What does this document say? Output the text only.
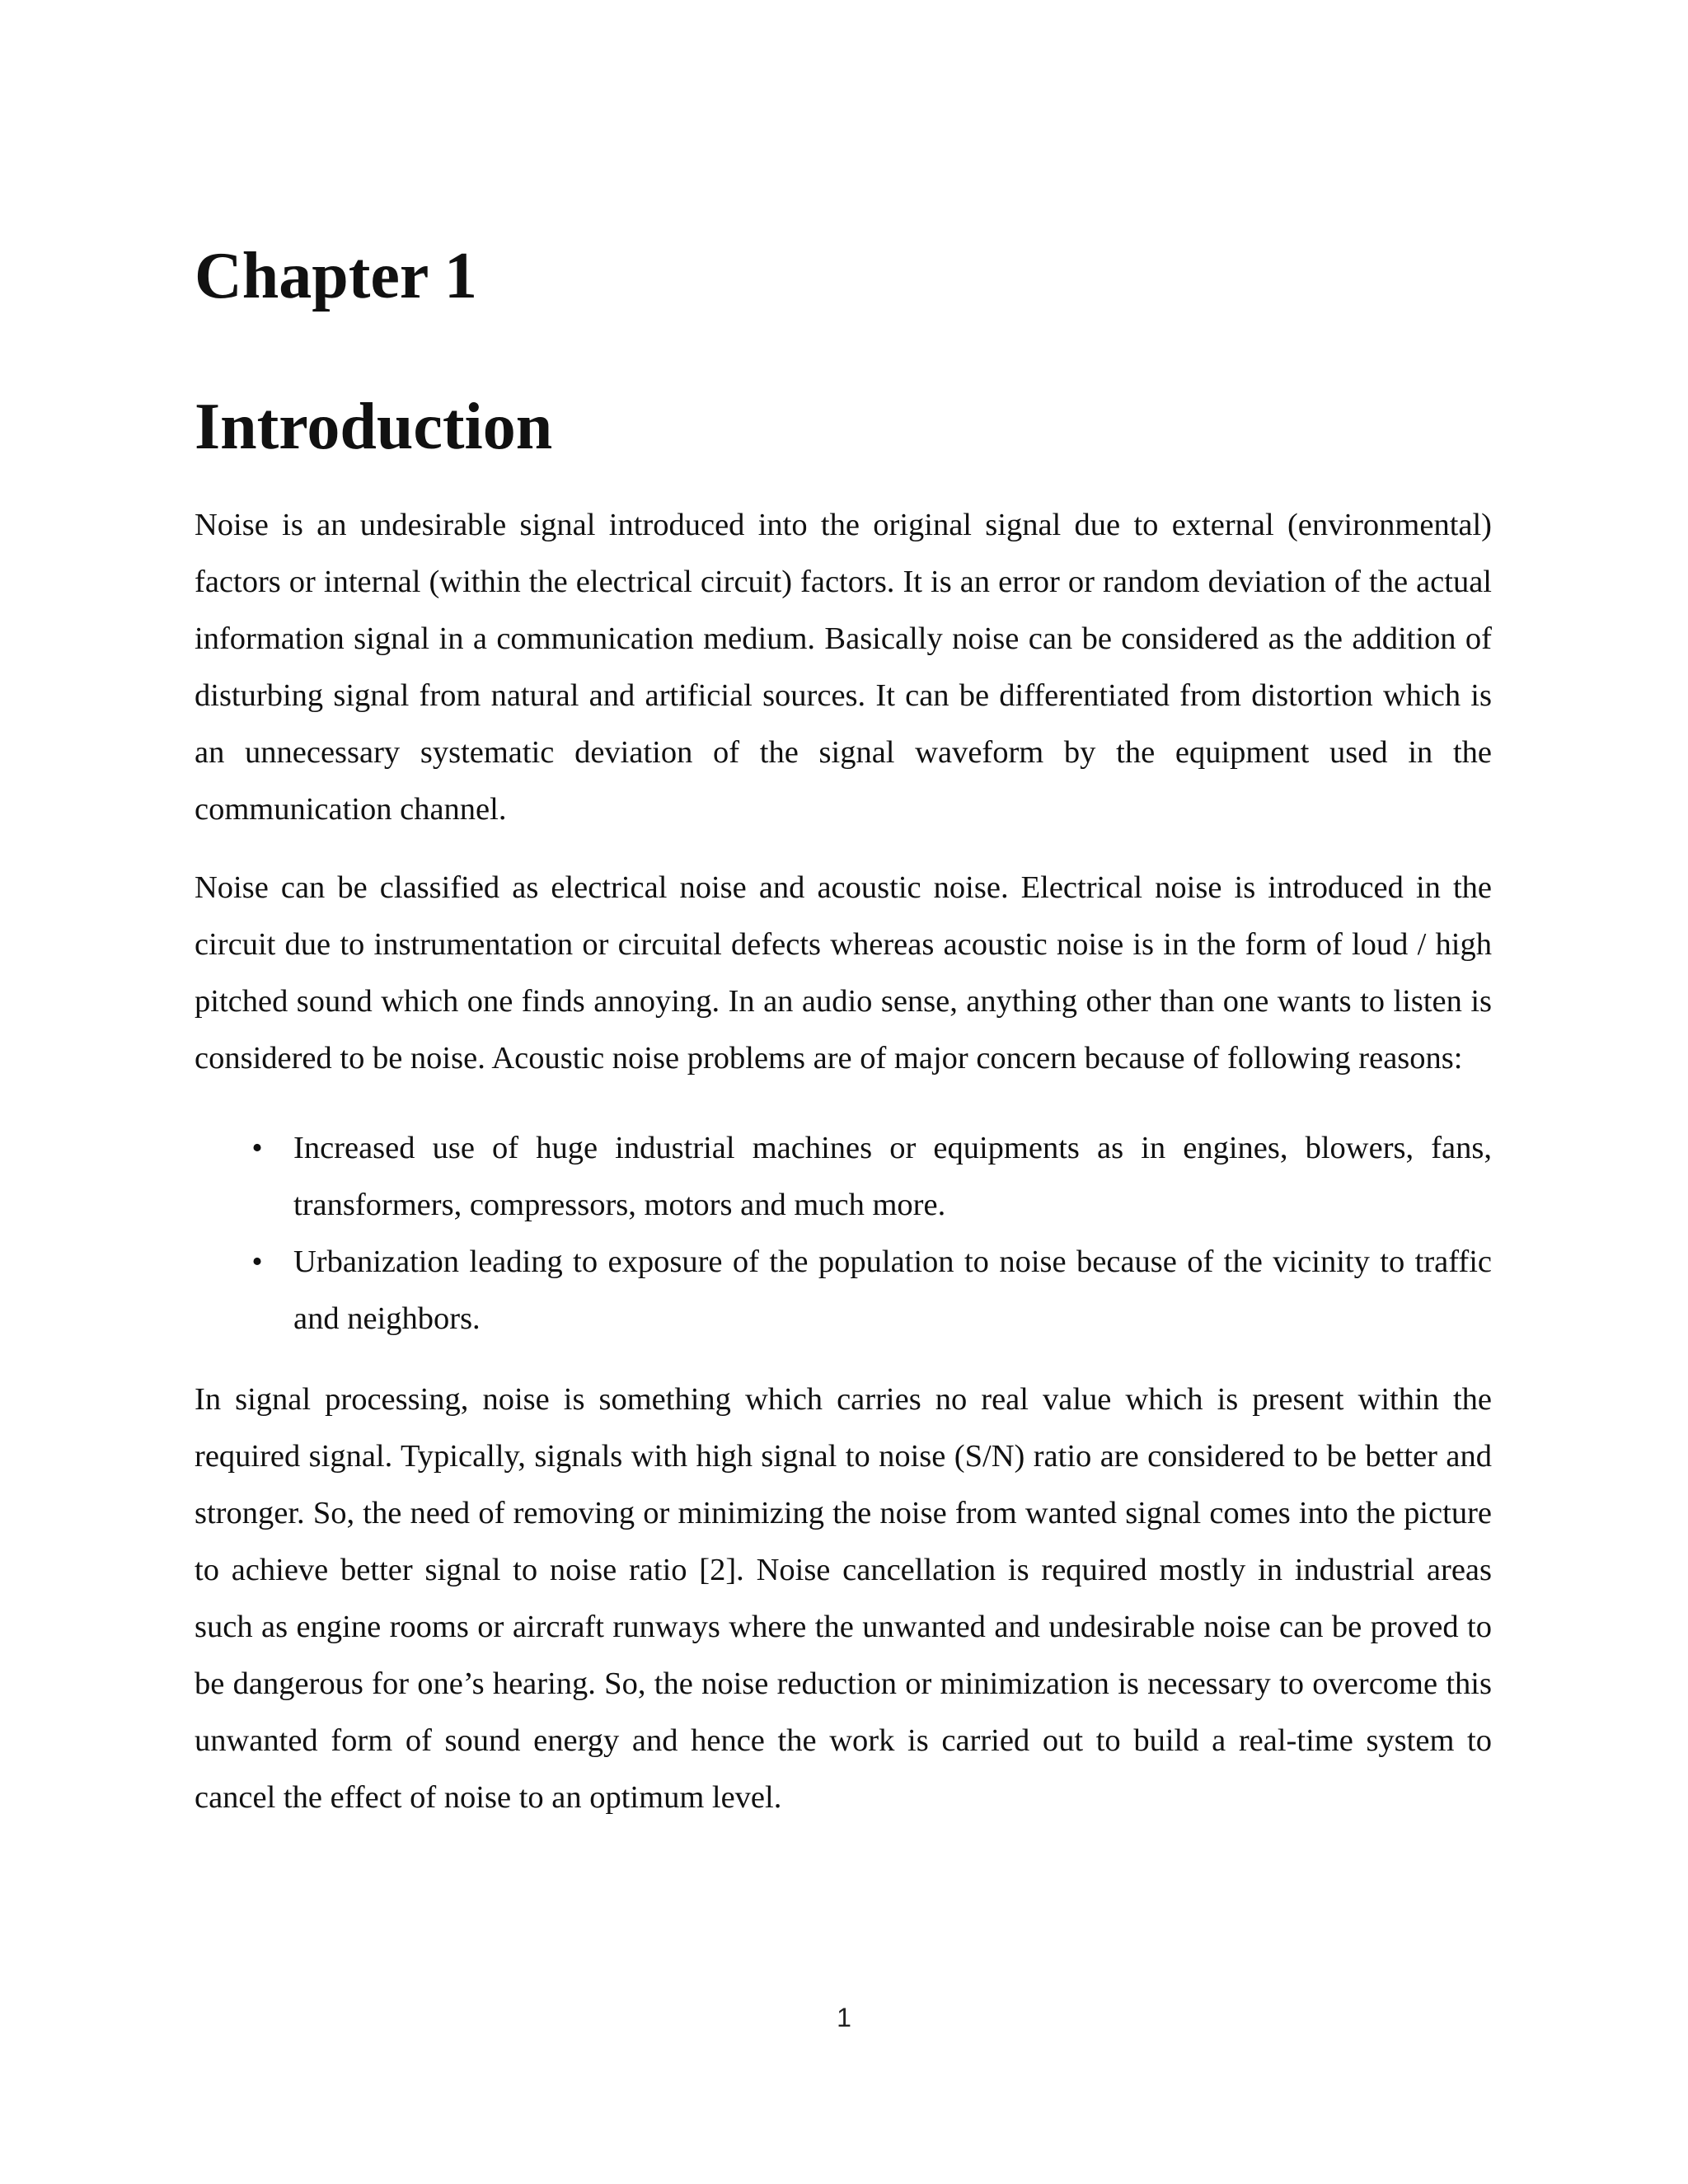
Chapter 1
Introduction

Noise is an undesirable signal introduced into the original signal due to external (environmental) factors or internal (within the electrical circuit) factors. It is an error or random deviation of the actual information signal in a communication medium. Basically noise can be considered as the addition of disturbing signal from natural and artificial sources. It can be differentiated from distortion which is an unnecessary systematic deviation of the signal waveform by the equipment used in the communication channel.

Noise can be classified as electrical noise and acoustic noise. Electrical noise is introduced in the circuit due to instrumentation or circuital defects whereas acoustic noise is in the form of loud / high pitched sound which one finds annoying. In an audio sense, anything other than one wants to listen is considered to be noise. Acoustic noise problems are of major concern because of following reasons:

• Increased use of huge industrial machines or equipments as in engines, blowers, fans, transformers, compressors, motors and much more.
• Urbanization leading to exposure of the population to noise because of the vicinity to traffic and neighbors.

In signal processing, noise is something which carries no real value which is present within the required signal. Typically, signals with high signal to noise (S/N) ratio are considered to be better and stronger. So, the need of removing or minimizing the noise from wanted signal comes into the picture to achieve better signal to noise ratio [2]. Noise cancellation is required mostly in industrial areas such as engine rooms or aircraft runways where the unwanted and undesirable noise can be proved to be dangerous for one’s hearing. So, the noise reduction or minimization is necessary to overcome this unwanted form of sound energy and hence the work is carried out to build a real-time system to cancel the effect of noise to an optimum level.

1
